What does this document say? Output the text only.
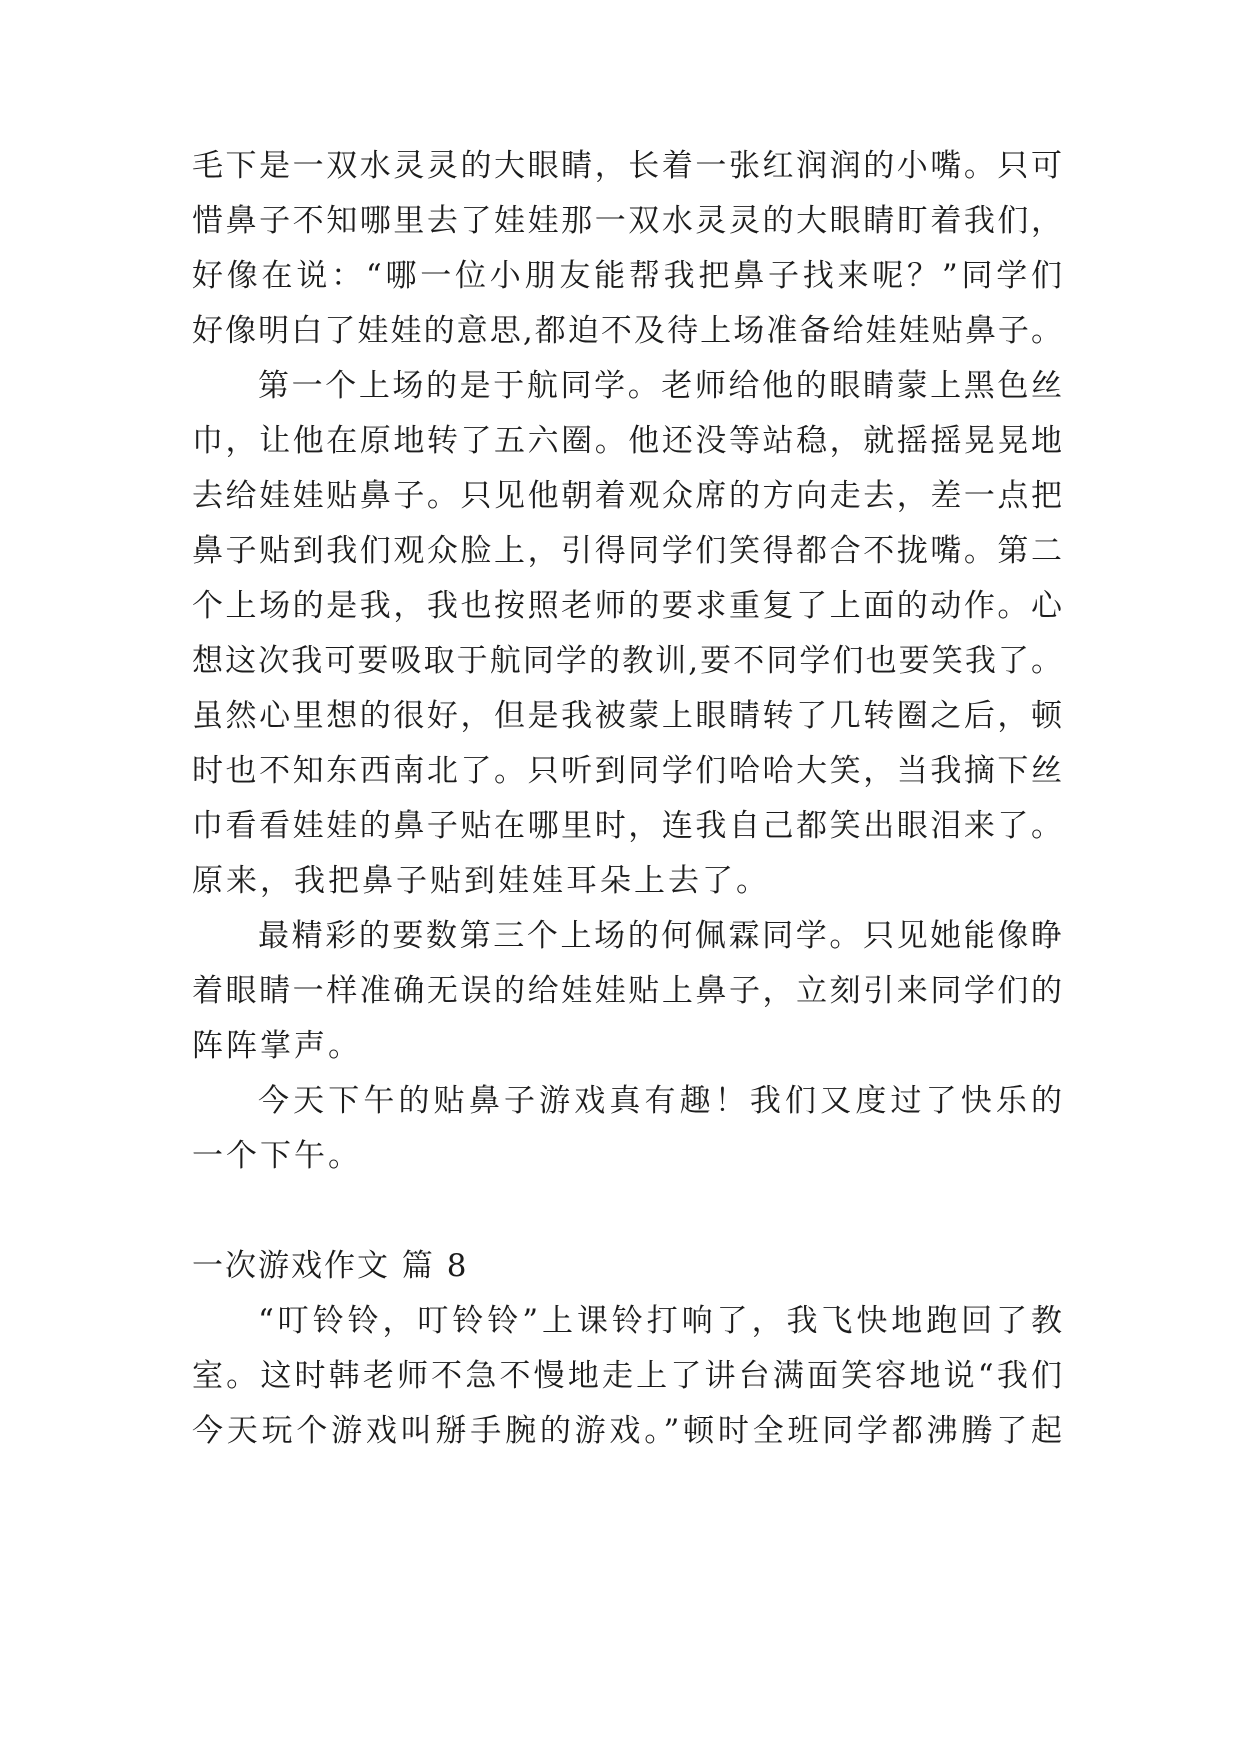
毛下是一双水灵灵的大眼睛，长着一张红润润的小嘴。只可
惜鼻子不知哪里去了娃娃那一双水灵灵的大眼睛盯着我们，
好像在说：“哪一位小朋友能帮我把鼻子找来呢？”同学们
好像明白了娃娃的意思,都迫不及待上场准备给娃娃贴鼻子。
第一个上场的是于航同学。老师给他的眼睛蒙上黑色丝
巾，让他在原地转了五六圈。他还没等站稳，就摇摇晃晃地
去给娃娃贴鼻子。只见他朝着观众席的方向走去，差一点把
鼻子贴到我们观众脸上，引得同学们笑得都合不拢嘴。第二
个上场的是我，我也按照老师的要求重复了上面的动作。心
想这次我可要吸取于航同学的教训,要不同学们也要笑我了。
虽然心里想的很好，但是我被蒙上眼睛转了几转圈之后，顿
时也不知东西南北了。只听到同学们哈哈大笑，当我摘下丝
巾看看娃娃的鼻子贴在哪里时，连我自己都笑出眼泪来了。
原来，我把鼻子贴到娃娃耳朵上去了。
最精彩的要数第三个上场的何佩霖同学。只见她能像睁
着眼睛一样准确无误的给娃娃贴上鼻子，立刻引来同学们的
阵阵掌声。
今天下午的贴鼻子游戏真有趣！我们又度过了快乐的
一个下午。
一次游戏作文 篇 8
“叮铃铃，叮铃铃”上课铃打响了，我飞快地跑回了教
室。这时韩老师不急不慢地走上了讲台满面笑容地说“我们
今天玩个游戏叫掰手腕的游戏。”顿时全班同学都沸腾了起
